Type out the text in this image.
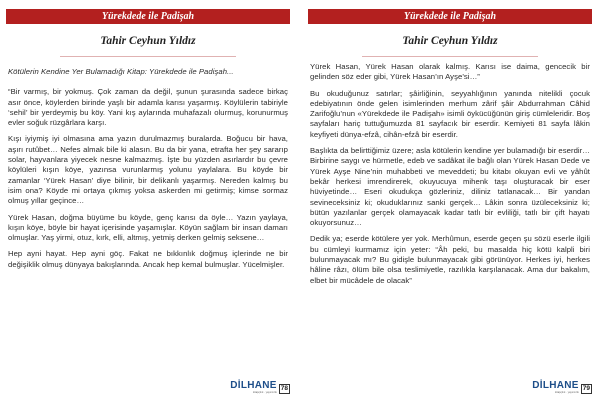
Yürekdede ile Padişah
Tahir Ceyhun Yıldız

Kötülerin Kendine Yer Bulamadığı Kitap: Yürekdede ile Padişah...

“Bir varmış, bir yokmuş. Çok zaman da değil, şunun şurasında sadece birkaç asır önce, köylerden birinde yaşlı bir adamla karısı yaşarmış. Köylülerin tabiriyle ‘sehil’ bir yerdeymiş bu köy. Yani kış aylarında muhafazalı olurmuş, korunurmuş evler soğuk rüzgârlara karşı.

Kışı iyiymiş iyi olmasına ama yazın durulmazmış buralarda. Boğucu bir hava, aşırı rutûbet… Nefes almak bile ki alasın. Bu da bir yana, etrafta her şey sararıp solar, hayvanlara yiyecek nesne kalmazmış. İşte bu yüzden asırlardır bu çevre köylüleri kışın köye, yazınsa vurunlarmış yolunu yaylalara. Bu köyde bir zamanlar ‘Yürek Hasan’ diye bilinir, bir delikanlı yaşarmış. Nereden kalmış bu isim ona? Köyde mi ortaya çıkmış yoksa askerden mi getirmiş; kimse sormaz olmuş yıllar geçince…

Yürek Hasan, doğma büyüme bu köyde, genç karısı da öyle… Yazın yaylaya, kışın köye, böyle bir hayat içerisinde yaşamışlar. Köyün sağlam bir insan damarı olmuşlar. Yaş yirmi, otuz, kırk, elli, altmış, yetmiş derken gelmiş seksene…

Hep ayni hayat. Hep ayni göç. Fakat ne bıkkınlık doğmuş içlerinde ne bir değişiklik olmuş dünyaya bakışlarında. Ancak hep kemal bulmuşlar. Yücelmişler.

DİLHANE
kitapçılık · yayıncılık
78
Yürekdede ile Padişah
Tahir Ceyhun Yıldız

Yürek Hasan, Yürek Hasan olarak kalmış. Karısı ise daima, gencecik bir gelinden söz eder gibi, Yürek Hasan’ın Ayşe’si…”

Bu okuduğunuz satırlar; şâirliğinin, seyyahlığının yanında nitelikli çocuk edebiyatının önde gelen isimlerinden merhum zârif şâir Abdurrahman Câhid Zarifoğlu’nun «Yürekdede ile Padişah» isimli öykücüğünün giriş cümleleridir. Boş sayfaları hariç tuttuğumuzda 81 sayfacık bir eserdir. Kemiyeti 81 sayfa lâkin keyfiyeti dünya-efzâ, cihân-efzâ bir eserdir.

Başlıkta da belirttiğimiz üzere; asla kötülerin kendine yer bulamadığı bir eserdir… Birbirine saygı ve hürmetle, edeb ve sadâkat ile bağlı olan Yürek Hasan Dede ve Yürek Ayşe Nine’nin muhabbeti ve meveddeti; bu kitabı okuyan evli ve yâhût bekâr herkesi imrendirerek, okuyucuya mihenk taşı oluşturacak bir eser hüviyetinde… Eseri okudukça gözleriniz, diliniz tatlanacak… Bir yandan sevineceksiniz ki; okuduklarınız sanki gerçek… Lâkin sonra üzüleceksiniz ki; bütün yazılanlar gerçek olamayacak kadar tatlı bir evliliği, tatlı bir çift hayatı okuyorsunuz…

Dedik ya; eserde kötülere yer yok. Merhûmun, eserde geçen şu sözü eserle ilgili bu cümleyi kurmamız için yeter: “Âh peki, bu masalda hiç kötü kalpli biri bulunmayacak mı? Bu gidişle bulunmayacak gibi görünüyor. Herkes iyi, herkes hâline râzı, ölüm bile olsa teslimiyetle, razılıkla karşılanacak. Ama dur bakalım, elbet bir mücâdele de olacak”

DİLHANE
kitapçılık · yayıncılık
79
